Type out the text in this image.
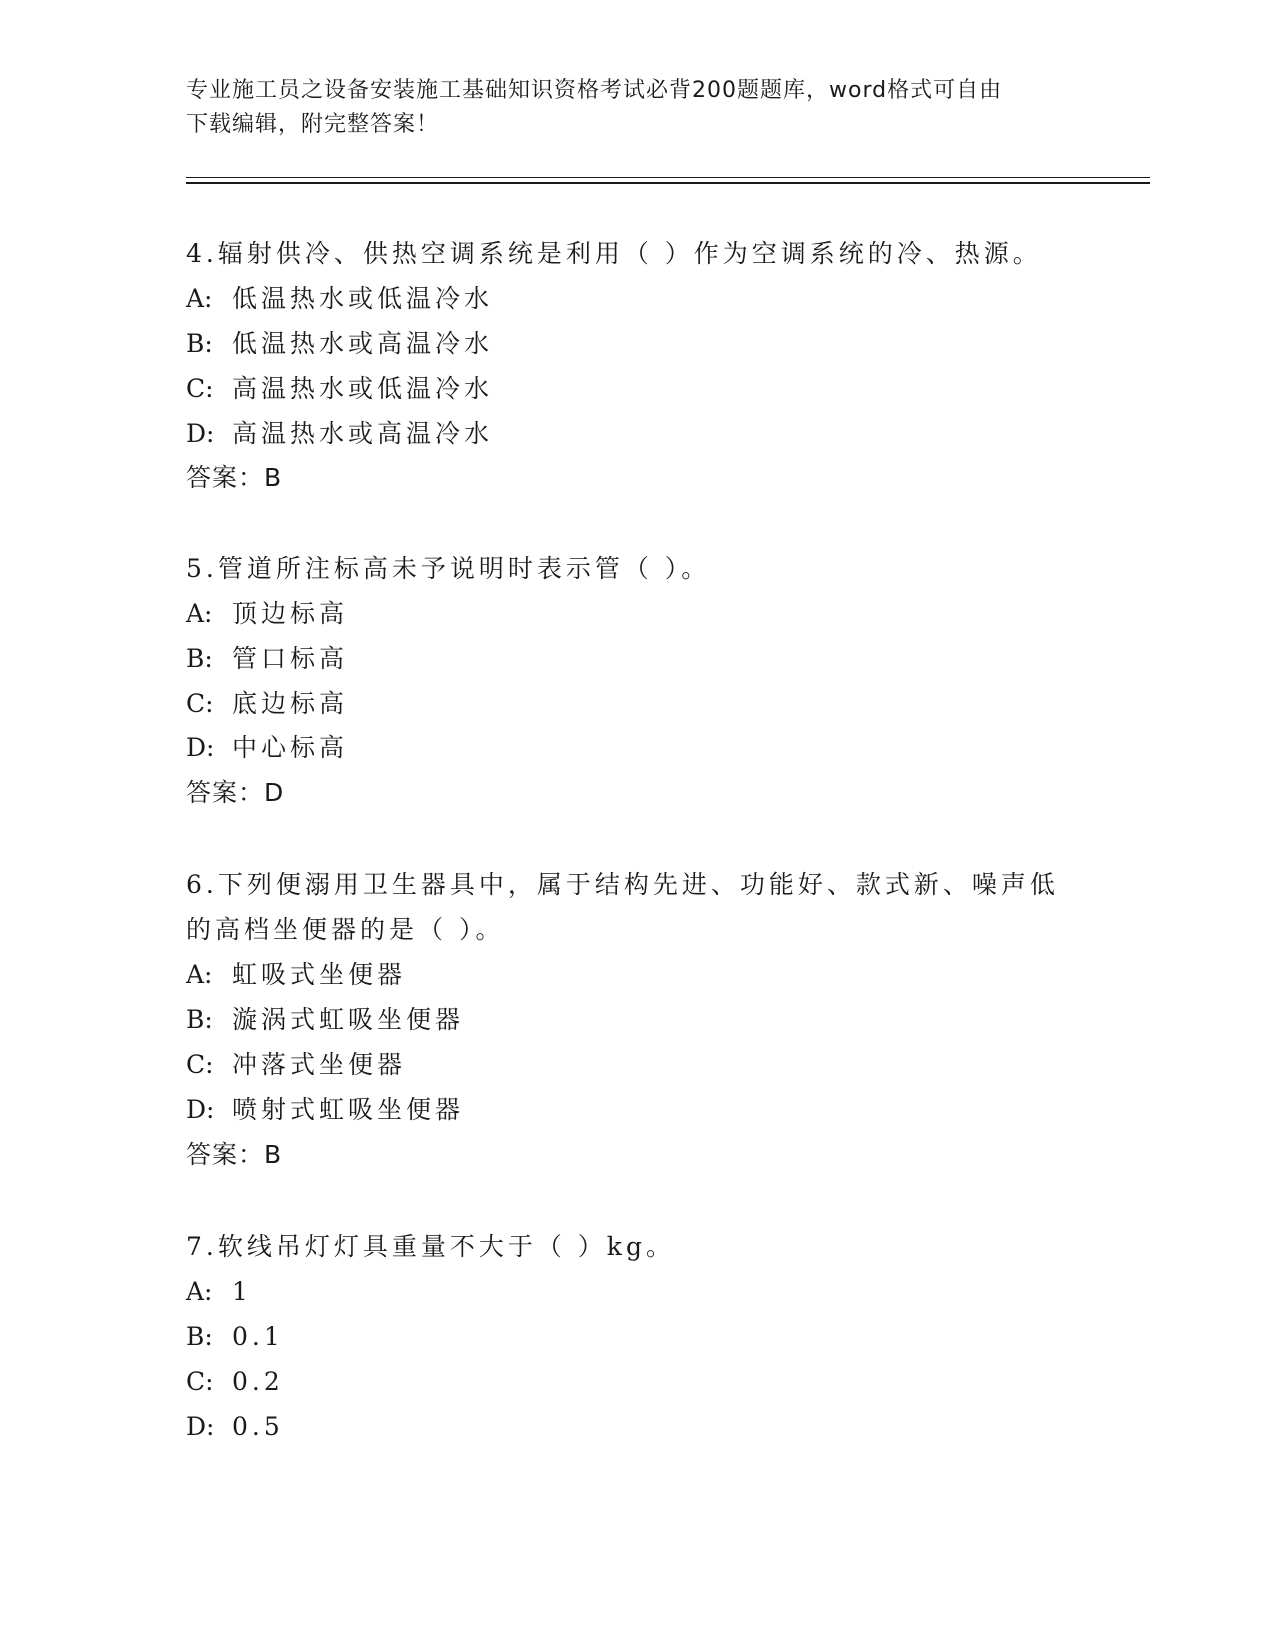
专业施工员之设备安装施工基础知识资格考试必背200题题库，word格式可自由
下载编辑，附完整答案！
4.辐射供冷、供热空调系统是利用（ ）作为空调系统的冷、热源。
A: 低温热水或低温冷水
B: 低温热水或高温冷水
C: 高温热水或低温冷水
D: 高温热水或高温冷水
答案：B
5.管道所注标高未予说明时表示管（ ）。
A: 顶边标高
B: 管口标高
C: 底边标高
D: 中心标高
答案：D
6.下列便溺用卫生器具中，属于结构先进、功能好、款式新、噪声低
的高档坐便器的是（ ）。
A: 虹吸式坐便器
B: 漩涡式虹吸坐便器
C: 冲落式坐便器
D: 喷射式虹吸坐便器
答案：B
7.软线吊灯灯具重量不大于（ ）kg。
A: 1
B: 0.1
C: 0.2
D: 0.5
